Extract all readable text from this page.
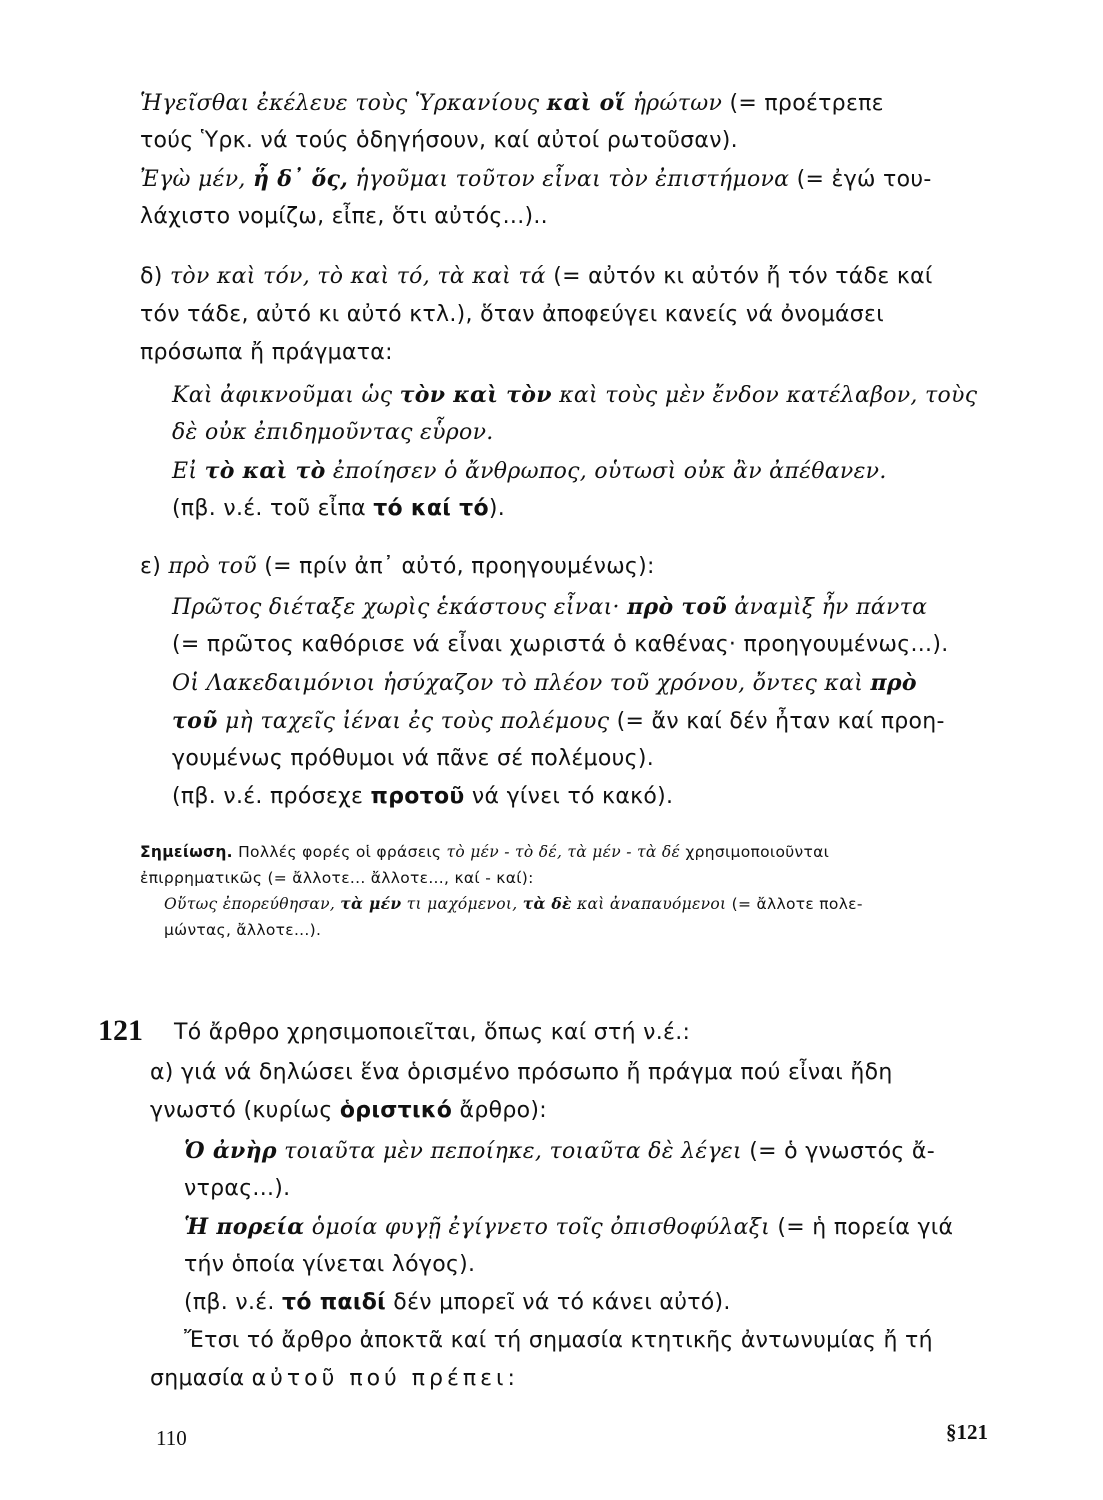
Ἡγεῖσθαι ἐκέλευε τοὺς Ὑρκανίους καὶ οἵ ἡρώτων (= προέτρεπε
τούς Ὑρκ. νά τούς ὁδηγήσουν, καί αὐτοί ρωτοῦσαν).
Ἐγὼ μέν, ἦ δ᾽ ὅς, ἡγοῦμαι τοῦτον εἶναι τὸν ἐπιστήμονα (= ἐγώ του-
λάχιστο νομίζω, εἶπε, ὅτι αὐτός...)..
δ) τὸν καὶ τόν, τὸ καὶ τό, τὰ καὶ τά (= αὐτόν κι αὐτόν ἤ τόν τάδε καί
τόν τάδε, αὐτό κι αὐτό κτλ.), ὅταν ἀποφεύγει κανείς νά ὀνομάσει
πρόσωπα ἤ πράγματα:
Καὶ ἀφικνοῦμαι ὡς τὸν καὶ τὸν καὶ τοὺς μὲν ἔνδον κατέλαβον, τοὺς
δὲ οὐκ ἐπιδημοῦντας εὗρον.
Εἰ τὸ καὶ τὸ ἐποίησεν ὁ ἄνθρωπος, οὑτωσὶ οὐκ ἂν ἀπέθανεν.
(πβ. ν.έ. τοῦ εἶπα τό καί τό).
ε) πρὸ τοῦ (= πρίν ἀπ᾽ αὐτό, προηγουμένως):
Πρῶτος διέταξε χωρὶς ἑκάστους εἶναι· πρὸ τοῦ ἀναμὶξ ἦν πάντα
(= πρῶτος καθόρισε νά εἶναι χωριστά ὁ καθένας· προηγουμένως...).
Οἱ Λακεδαιμόνιοι ἡσύχαζον τὸ πλέον τοῦ χρόνου, ὄντες καὶ πρὸ
τοῦ μὴ ταχεῖς ἰέναι ἐς τοὺς πολέμους (= ἄν καί δέν ἦταν καί προη-
γουμένως πρόθυμοι νά πᾶνε σέ πολέμους).
(πβ. ν.έ. πρόσεχε προτοῦ νά γίνει τό κακό).
Σημείωση. Πολλές φορές οἱ φράσεις τὸ μέν - τὸ δέ, τὰ μέν - τὰ δέ χρησιμοποιοῦνται
ἐπιρρηματικῶς (= ἄλλοτε... ἄλλοτε..., καί - καί):
Οὕτως ἐπορεύθησαν, τὰ μέν τι μαχόμενοι, τὰ δὲ καὶ ἀναπαυόμενοι (= ἄλλοτε πολε-
μώντας, ἄλλοτε...).
121 Τό ἄρθρο χρησιμοποιεῖται, ὅπως καί στή ν.έ.:
α) γιά νά δηλώσει ἕνα ὁρισμένο πρόσωπο ἤ πράγμα πού εἶναι ἤδη
γνωστό (κυρίως ὁριστικό ἄρθρο):
Ὁ ἀνὴρ τοιαῦτα μὲν πεποίηκε, τοιαῦτα δὲ λέγει (= ὁ γνωστός ἄ-
ντρας...).
Ἡ πορεία ὁμοία φυγῇ ἐγίγνετο τοῖς ὀπισθοφύλαξι (= ἡ πορεία γιά
τήν ὁποία γίνεται λόγος).
(πβ. ν.έ. τό παιδί δέν μπορεῖ νά τό κάνει αὐτό).
Ἔτσι τό ἄρθρο ἀποκτᾶ καί τή σημασία κτητικῆς ἀντωνυμίας ἤ τή
σημασία αὐτοῦ πού πρέπει:
110	§121
